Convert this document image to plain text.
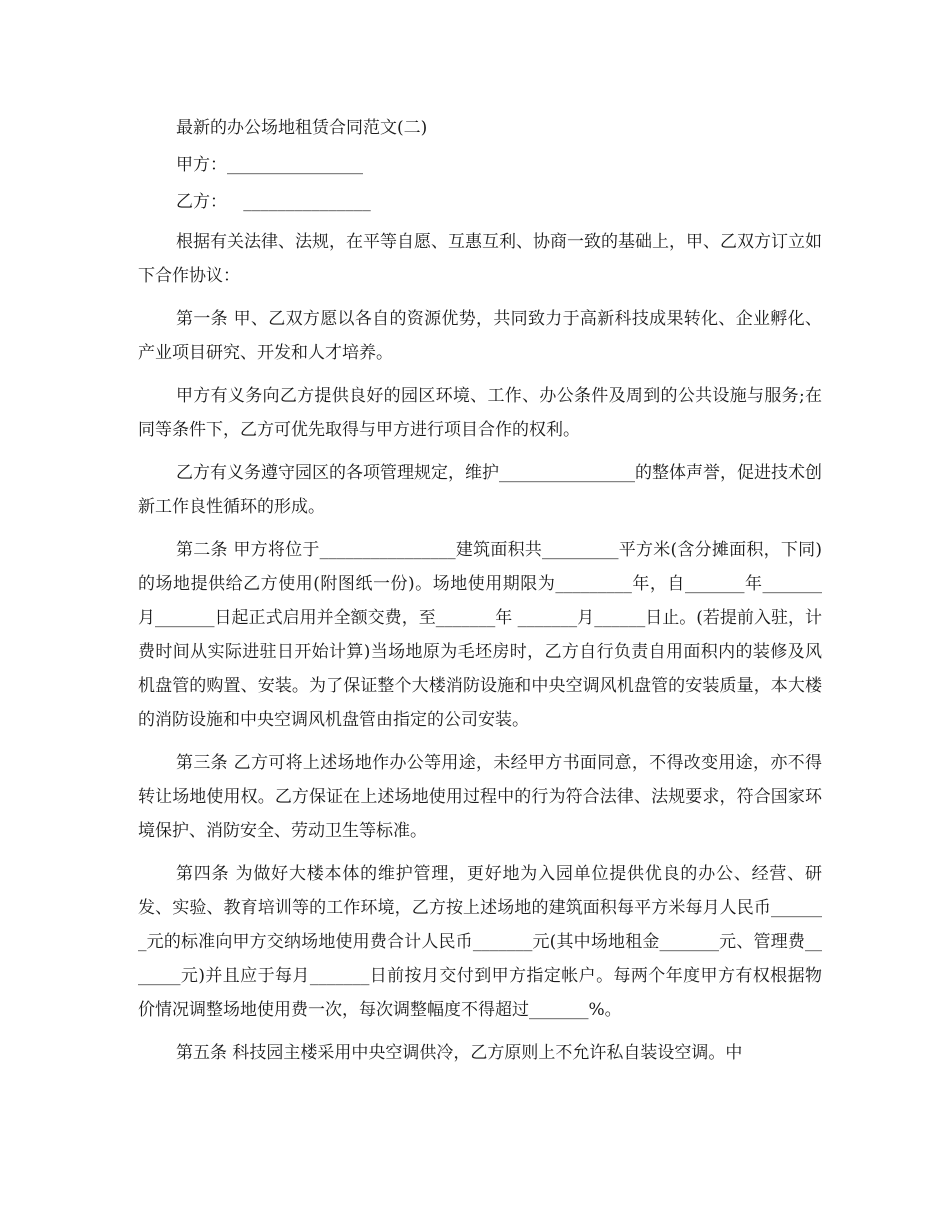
最新的办公场地租赁合同范文(二)
甲方：________________
乙方：   _______________

根据有关法律、法规，在平等自愿、互惠互利、协商一致的基础上，甲、乙双方订立如下合作协议：

第一条 甲、乙双方愿以各自的资源优势，共同致力于高新科技成果转化、企业孵化、产业项目研究、开发和人才培养。

甲方有义务向乙方提供良好的园区环境、工作、办公条件及周到的公共设施与服务;在同等条件下，乙方可优先取得与甲方进行项目合作的权利。

乙方有义务遵守园区的各项管理规定，维护________________的整体声誉，促进技术创新工作良性循环的形成。

第二条 甲方将位于________________建筑面积共_________平方米(含分摊面积，下同)的场地提供给乙方使用(附图纸一份)。场地使用期限为_________年，自_______年_______月_______日起正式启用并全额交费，至_______年 _______月______日止。(若提前入驻，计费时间从实际进驻日开始计算)当场地原为毛坯房时，乙方自行负责自用面积内的装修及风机盘管的购置、安装。为了保证整个大楼消防设施和中央空调风机盘管的安装质量，本大楼的消防设施和中央空调风机盘管由指定的公司安装。

第三条 乙方可将上述场地作办公等用途，未经甲方书面同意，不得改变用途，亦不得转让场地使用权。乙方保证在上述场地使用过程中的行为符合法律、法规要求，符合国家环境保护、消防安全、劳动卫生等标准。

第四条 为做好大楼本体的维护管理，更好地为入园单位提供优良的办公、经营、研发、实验、教育培训等的工作环境，乙方按上述场地的建筑面积每平方米每月人民币_______元的标准向甲方交纳场地使用费合计人民币_______元(其中场地租金_______元、管理费_______元)并且应于每月_______日前按月交付到甲方指定帐户。每两个年度甲方有权根据物价情况调整场地使用费一次，每次调整幅度不得超过_______%。

第五条 科技园主楼采用中央空调供冷，乙方原则上不允许私自装设空调。中
